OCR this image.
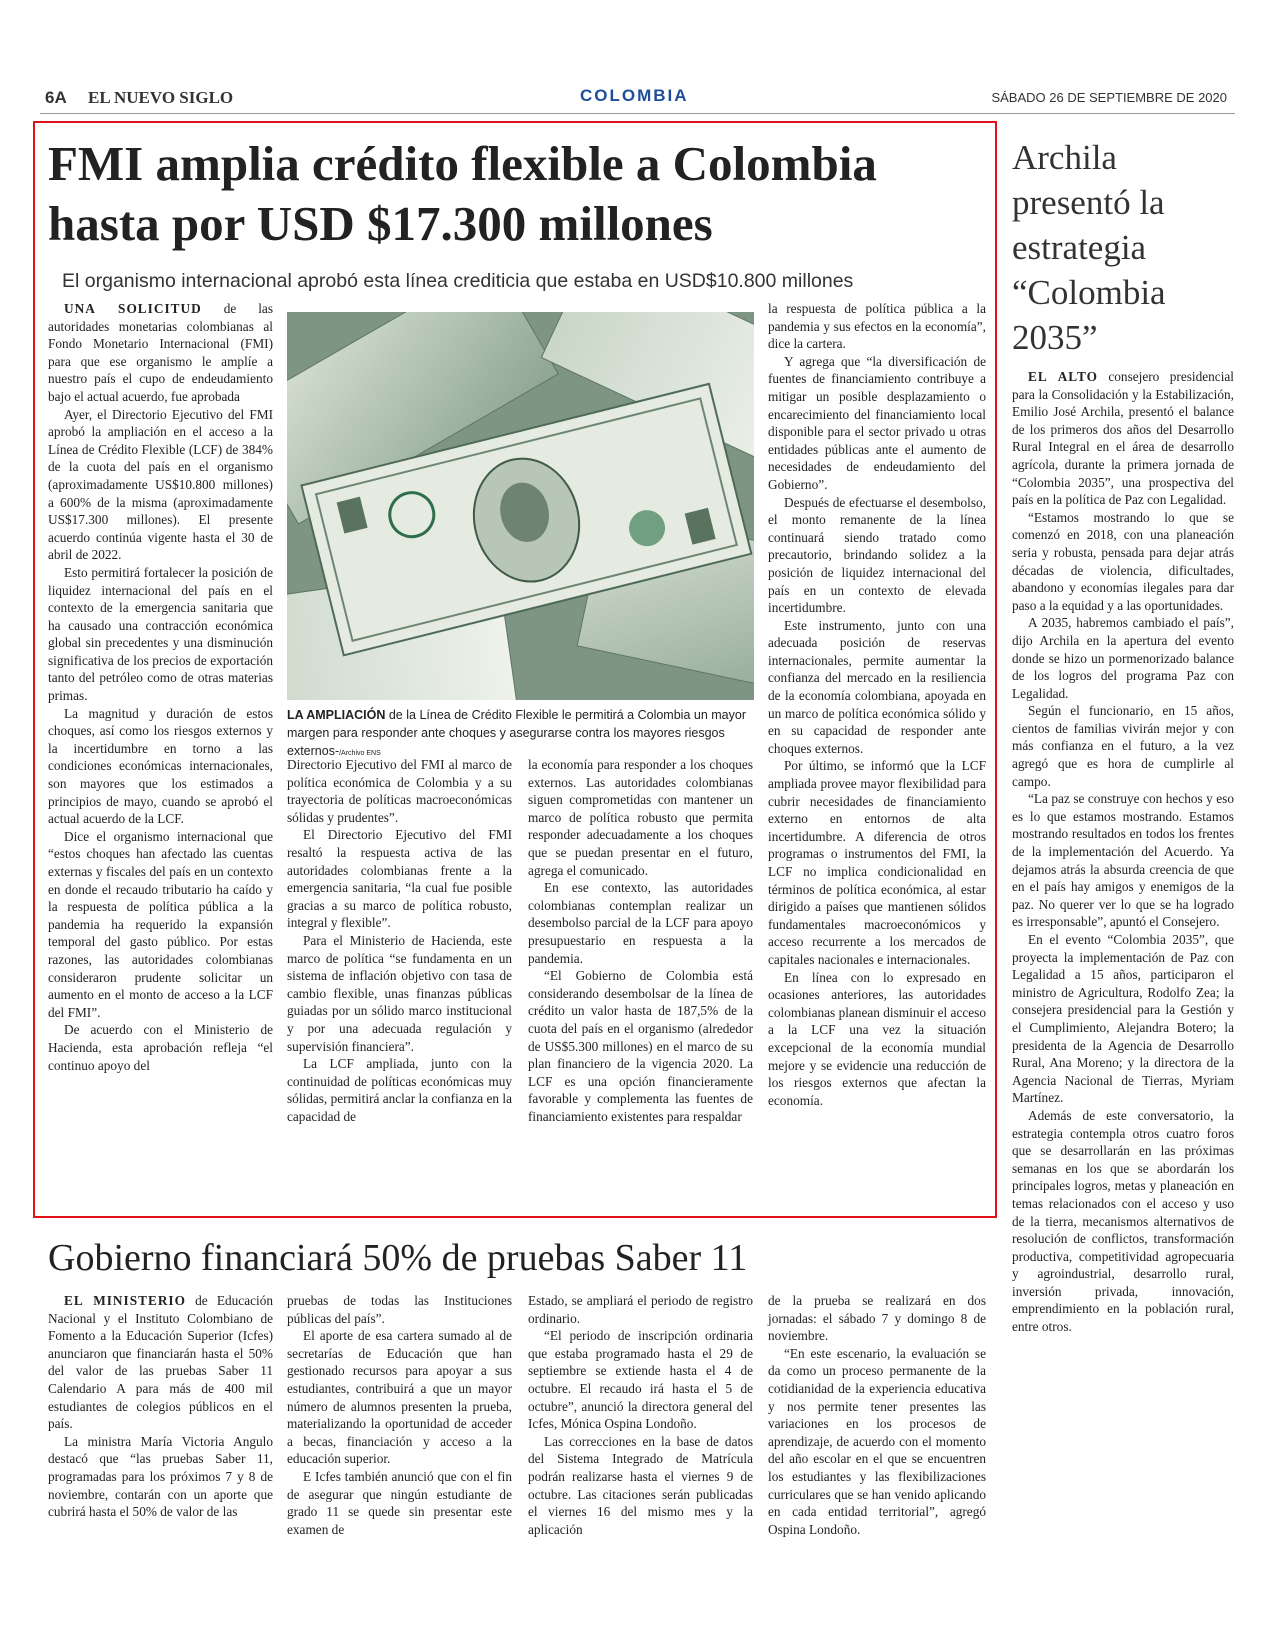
6A EL NUEVO SIGLO	COLOMBIA	SÁBADO 26 DE SEPTIEMBRE DE 2020
FMI amplia crédito flexible a Colombia hasta por USD $17.300 millones
El organismo internacional aprobó esta línea crediticia que estaba en USD$10.800 millones

UNA SOLICITUD de las autoridades monetarias colombianas al Fondo Monetario Internacional (FMI) para que ese organismo le amplíe a nuestro país el cupo de endeudamiento bajo el actual acuerdo, fue aprobada

Ayer, el Directorio Ejecutivo del FMI aprobó la ampliación en el acceso a la Línea de Crédito Flexible (LCF) de 384% de la cuota del país en el organismo (aproximadamente US$10.800 millones) a 600% de la misma (aproximadamente US$17.300 millones). El presente acuerdo continúa vigente hasta el 30 de abril de 2022.

Esto permitirá fortalecer la posición de liquidez internacional del país en el contexto de la emergencia sanitaria que ha causado una contracción económica global sin precedentes y una disminución significativa de los precios de exportación tanto del petróleo como de otras materias primas.

La magnitud y duración de estos choques, así como los riesgos externos y la incertidumbre en torno a las condiciones económicas internacionales, son mayores que los estimados a principios de mayo, cuando se aprobó el actual acuerdo de la LCF.

Dice el organismo internacional que “estos choques han afectado las cuentas externas y fiscales del país en un contexto en donde el recaudo tributario ha caído y la respuesta de política pública a la pandemia ha requerido la expansión temporal del gasto público. Por estas razones, las autoridades colombianas consideraron prudente solicitar un aumento en el monto de acceso a la LCF del FMI”.

De acuerdo con el Ministerio de Hacienda, esta aprobación refleja “el continuo apoyo del

LA AMPLIACIÓN de la Línea de Crédito Flexible le permitirá a Colombia un mayor margen para responder ante choques y asegurarse contra los mayores riesgos externos-/Archivo ENS

Directorio Ejecutivo del FMI al marco de política económica de Colombia y a su trayectoria de políticas macroeconómicas sólidas y prudentes”.

El Directorio Ejecutivo del FMI resaltó la respuesta activa de las autoridades colombianas frente a la emergencia sanitaria, “la cual fue posible gracias a su marco de política robusto, integral y flexible”.

Para el Ministerio de Hacienda, este marco de política “se fundamenta en un sistema de inflación objetivo con tasa de cambio flexible, unas finanzas públicas guiadas por un sólido marco institucional y por una adecuada regulación y supervisión financiera”.

La LCF ampliada, junto con la continuidad de políticas económicas muy sólidas, permitirá anclar la confianza en la capacidad de

la economía para responder a los choques externos. Las autoridades colombianas siguen comprometidas con mantener un marco de política robusto que permita responder adecuadamente a los choques que se puedan presentar en el futuro, agrega el comunicado.

En ese contexto, las autoridades colombianas contemplan realizar un desembolso parcial de la LCF para apoyo presupuestario en respuesta a la pandemia.

“El Gobierno de Colombia está considerando desembolsar de la línea de crédito un valor hasta de 187,5% de la cuota del país en el organismo (alrededor de US$5.300 millones) en el marco de su plan financiero de la vigencia 2020. La LCF es una opción financieramente favorable y complementa las fuentes de financiamiento existentes para respaldar

la respuesta de política pública a la pandemia y sus efectos en la economía”, dice la cartera.

Y agrega que “la diversificación de fuentes de financiamiento contribuye a mitigar un posible desplazamiento o encarecimiento del financiamiento local disponible para el sector privado u otras entidades públicas ante el aumento de necesidades de endeudamiento del Gobierno”.

Después de efectuarse el desembolso, el monto remanente de la línea continuará siendo tratado como precautorio, brindando solidez a la posición de liquidez internacional del país en un contexto de elevada incertidumbre.

Este instrumento, junto con una adecuada posición de reservas internacionales, permite aumentar la confianza del mercado en la resiliencia de la economía colombiana, apoyada en un marco de política económica sólido y en su capacidad de responder ante choques externos.

Por último, se informó que la LCF ampliada provee mayor flexibilidad para cubrir necesidades de financiamiento externo en entornos de alta incertidumbre. A diferencia de otros programas o instrumentos del FMI, la LCF no implica condicionalidad en términos de política económica, al estar dirigido a países que mantienen sólidos fundamentales macroeconómicos y acceso recurrente a los mercados de capitales nacionales e internacionales.

En línea con lo expresado en ocasiones anteriores, las autoridades colombianas planean disminuir el acceso a la LCF una vez la situación excepcional de la economía mundial mejore y se evidencie una reducción de los riesgos externos que afectan la economía.

Archila presentó la estrategia “Colombia 2035”

EL ALTO consejero presidencial para la Consolidación y la Estabilización, Emilio José Archila, presentó el balance de los primeros dos años del Desarrollo Rural Integral en el área de desarrollo agrícola, durante la primera jornada de “Colombia 2035”, una prospectiva del país en la política de Paz con Legalidad.

“Estamos mostrando lo que se comenzó en 2018, con una planeación seria y robusta, pensada para dejar atrás décadas de violencia, dificultades, abandono y economías ilegales para dar paso a la equidad y a las oportunidades.

A 2035, habremos cambiado el país”, dijo Archila en la apertura del evento donde se hizo un pormenorizado balance de los logros del programa Paz con Legalidad.

Según el funcionario, en 15 años, cientos de familias vivirán mejor y con más confianza en el futuro, a la vez agregó que es hora de cumplirle al campo.

“La paz se construye con hechos y eso es lo que estamos mostrando. Estamos mostrando resultados en todos los frentes de la implementación del Acuerdo. Ya dejamos atrás la absurda creencia de que en el país hay amigos y enemigos de la paz. No querer ver lo que se ha logrado es irresponsable”, apuntó el Consejero.

En el evento “Colombia 2035”, que proyecta la implementación de Paz con Legalidad a 15 años, participaron el ministro de Agricultura, Rodolfo Zea; la consejera presidencial para la Gestión y el Cumplimiento, Alejandra Botero; la presidenta de la Agencia de Desarrollo Rural, Ana Moreno; y la directora de la Agencia Nacional de Tierras, Myriam Martínez.

Además de este conversatorio, la estrategia contempla otros cuatro foros que se desarrollarán en las próximas semanas en los que se abordarán los principales logros, metas y planeación en temas relacionados con el acceso y uso de la tierra, mecanismos alternativos de resolución de conflictos, transformación productiva, competitividad agropecuaria y agroindustrial, desarrollo rural, inversión privada, innovación, emprendimiento en la población rural, entre otros.

Gobierno financiará 50% de pruebas Saber 11

EL MINISTERIO de Educación Nacional y el Instituto Colombiano de Fomento a la Educación Superior (Icfes) anunciaron que financiarán hasta el 50% del valor de las pruebas Saber 11 Calendario A para más de 400 mil estudiantes de colegios públicos en el país.

La ministra María Victoria Angulo destacó que “las pruebas Saber 11, programadas para los próximos 7 y 8 de noviembre, contarán con un aporte que cubrirá hasta el 50% de valor de las

pruebas de todas las Instituciones públicas del país”.

El aporte de esa cartera sumado al de secretarías de Educación que han gestionado recursos para apoyar a sus estudiantes, contribuirá a que un mayor número de alumnos presenten la prueba, materializando la oportunidad de acceder a becas, financiación y acceso a la educación superior.

E Icfes también anunció que con el fin de asegurar que ningún estudiante de grado 11 se quede sin presentar este examen de

Estado, se ampliará el periodo de registro ordinario.

“El periodo de inscripción ordinaria que estaba programado hasta el 29 de septiembre se extiende hasta el 4 de octubre. El recaudo irá hasta el 5 de octubre”, anunció la directora general del Icfes, Mónica Ospina Londoño.

Las correcciones en la base de datos del Sistema Integrado de Matrícula podrán realizarse hasta el viernes 9 de octubre. Las citaciones serán publicadas el viernes 16 del mismo mes y la aplicación

de la prueba se realizará en dos jornadas: el sábado 7 y domingo 8 de noviembre.

“En este escenario, la evaluación se da como un proceso permanente de la cotidianidad de la experiencia educativa y nos permite tener presentes las variaciones en los procesos de aprendizaje, de acuerdo con el momento del año escolar en el que se encuentren los estudiantes y las flexibilizaciones curriculares que se han venido aplicando en cada entidad territorial”, agregó Ospina Londoño.
